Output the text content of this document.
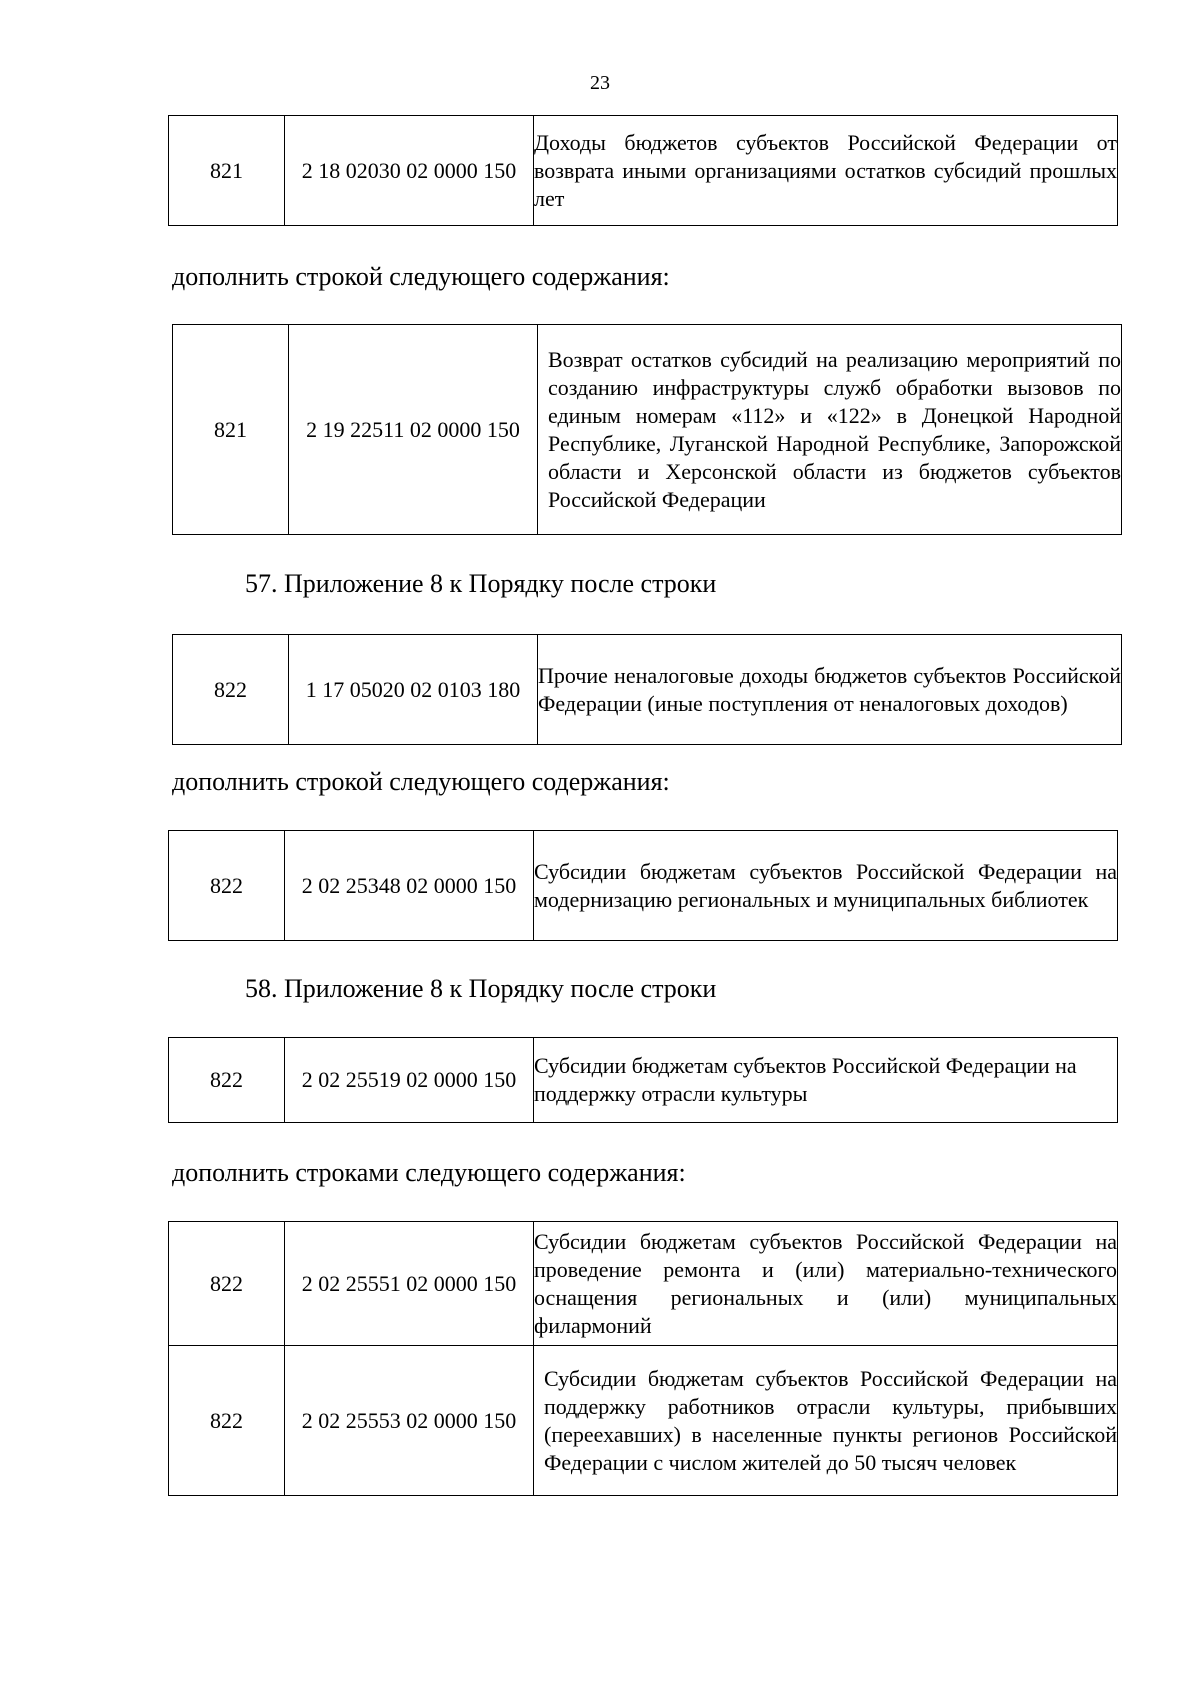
23
821	2 18 02030 02 0000 150	Доходы бюджетов субъектов Российской Федерации от возврата иными организациями остатков субсидий прошлых лет
дополнить строкой следующего содержания:
821	2 19 22511 02 0000 150	Возврат остатков субсидий на реализацию мероприятий по созданию инфраструктуры служб обработки вызовов по единым номерам «112» и «122» в Донецкой Народной Республике, Луганской Народной Республике, Запорожской области и Херсонской области из бюджетов субъектов Российской Федерации
57. Приложение 8 к Порядку после строки
822	1 17 05020 02 0103 180	Прочие неналоговые доходы бюджетов субъектов Российской Федерации (иные поступления от неналоговых доходов)
дополнить строкой следующего содержания:
822	2 02 25348 02 0000 150	Субсидии бюджетам субъектов Российской Федерации на модернизацию региональных и муниципальных библиотек
58. Приложение 8 к Порядку после строки
822	2 02 25519 02 0000 150	Субсидии бюджетам субъектов Российской Федерации на поддержку отрасли культуры
дополнить строками следующего содержания:
822	2 02 25551 02 0000 150	Субсидии бюджетам субъектов Российской Федерации на проведение ремонта и (или) материально-технического оснащения региональных и (или) муниципальных филармоний
822	2 02 25553 02 0000 150	Субсидии бюджетам субъектов Российской Федерации на поддержку работников отрасли культуры, прибывших (переехавших) в населенные пункты регионов Российской Федерации с числом жителей до 50 тысяч человек
